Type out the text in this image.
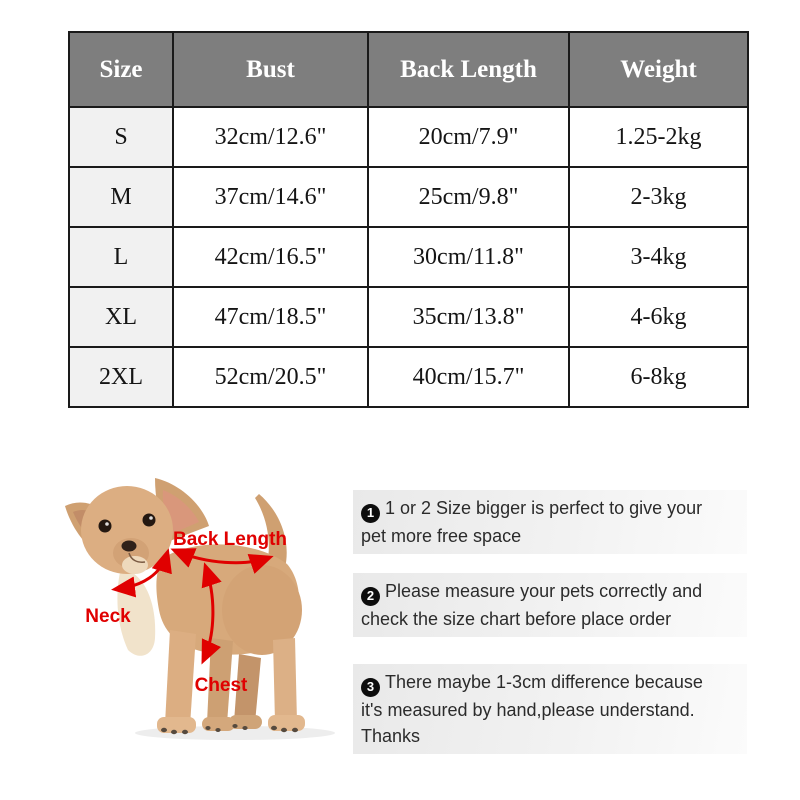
Size	Bust	Back Length	Weight
S	32cm/12.6"	20cm/7.9"	1.25-2kg
M	37cm/14.6"	25cm/9.8"	2-3kg
L	42cm/16.5"	30cm/11.8"	3-4kg
XL	47cm/18.5"	35cm/13.8"	4-6kg
2XL	52cm/20.5"	40cm/15.7"	6-8kg
Back Length
Neck
Chest
1 1 or 2 Size bigger is perfect to give your
pet more free space
2 Please measure your pets correctly and
check the size chart before place order
3 There maybe 1-3cm difference because
it's measured by hand,please understand.
Thanks
